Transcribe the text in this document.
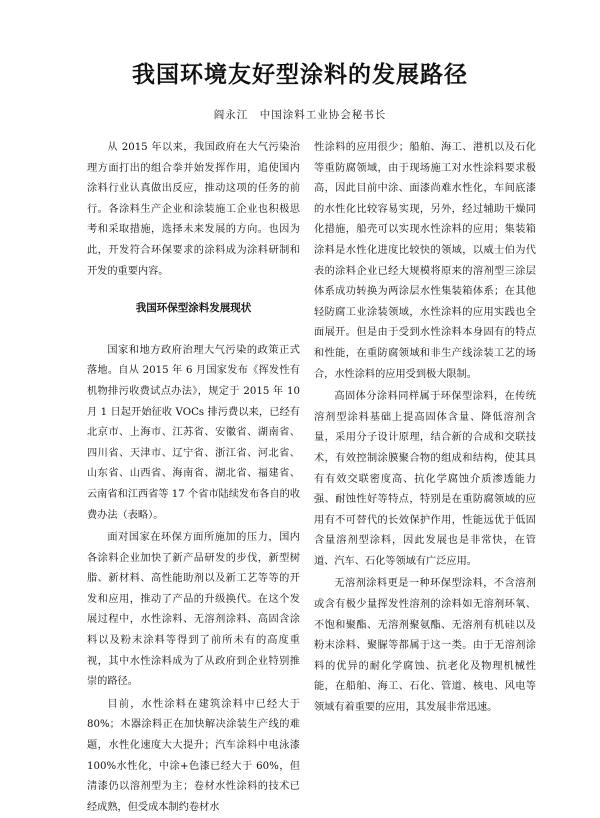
我国环境友好型涂料的发展路径
阎永江　中国涂料工业协会秘书长

从 2015 年以来，我国政府在大气污染治理方面打出的组合拳并始发挥作用，追使国内涂料行业认真做出反应，推动这项的任务的前行。各涂料生产企业和涂装施工企业也积极思考和采取措施，选择未来发展的方向。也因为此，开发符合环保要求的涂料成为涂料研制和开发的重要内容。

我国环保型涂料发展现状

国家和地方政府治理大气污染的政策正式落地。自从 2015 年 6 月国家发布《挥发性有机物排污收费试点办法》，规定于 2015 年 10 月 1 日起开始征收 VOCs 排污费以来，已经有北京市、上海市、江苏省、安徽省、湖南省、四川省、天津市、辽宁省、浙江省、河北省、山东省、山西省、海南省、湖北省、福建省、云南省和江西省等 17 个省市陆续发布各自的收费办法（表略）。

面对国家在环保方面所施加的压力，国内各涂料企业加快了新产品研发的步伐，新型树脂、新材料、高性能助剂以及新工艺等等的开发和应用，推动了产品的升级换代。在这个发展过程中，水性涂料、无溶剂涂料、高固含涂料以及粉末涂料等得到了前所未有的高度重视，其中水性涂料成为了从政府到企业特别推崇的路径。

目前，水性涂料在建筑涂料中已经大于 80%；木器涂料正在加快解决涂装生产线的难题，水性化速度大大提升；汽车涂料中电泳漆 100%水性化，中涂+色漆已经大于 60%，但清漆仍以溶剂型为主；卷材水性涂料的技术已经成熟，但受成本制约卷材水

性涂料的应用很少；船舶、海工、港机以及石化等重防腐领域，由于现场施工对水性涂料要求极高，因此目前中涂、面漆尚难水性化，车间底漆的水性化比较容易实现，另外，经过辅助干燥同化措施，船壳可以实现水性涂料的应用；集装箱涂料是水性化进度比较快的领域，以威士伯为代表的涂料企业已经大规模将原来的溶剂型三涂层体系成功转换为两涂层水性集装箱体系；在其他轻防腐工业涂装领域，水性涂料的应用实践也全面展开。但是由于受到水性涂料本身固有的特点和性能，在重防腐领域和非生产线涂装工艺的场合，水性涂料的应用受到极大限制。

高固体分涂料同样属于环保型涂料，在传统溶剂型涂料基础上提高固体含量、降低溶剂含量，采用分子设计原理，结合新的合成和交联技术，有效控制涂膜聚合物的组成和结构，使其具有有效交联密度高、抗化学腐蚀介质渗透能力强、耐蚀性好等特点，特别是在重防腐领域的应用有不可替代的长效保护作用，性能远优于低固含量溶剂型涂料，因此发展也是非常快，在管道、汽车、石化等领域有广泛应用。

无溶剂涂料更是一种环保型涂料，不含溶剂或含有极少量挥发性溶剂的涂料如无溶剂环氧、不饱和聚酯、无溶剂聚氨酯、无溶剂有机硅以及粉末涂料、聚脲等都属于这一类。由于无溶剂涂料的优异的耐化学腐蚀、抗老化及物理机械性能，在船舶、海工、石化、管道、核电、风电等领域有着重要的应用，其发展非常迅速。
